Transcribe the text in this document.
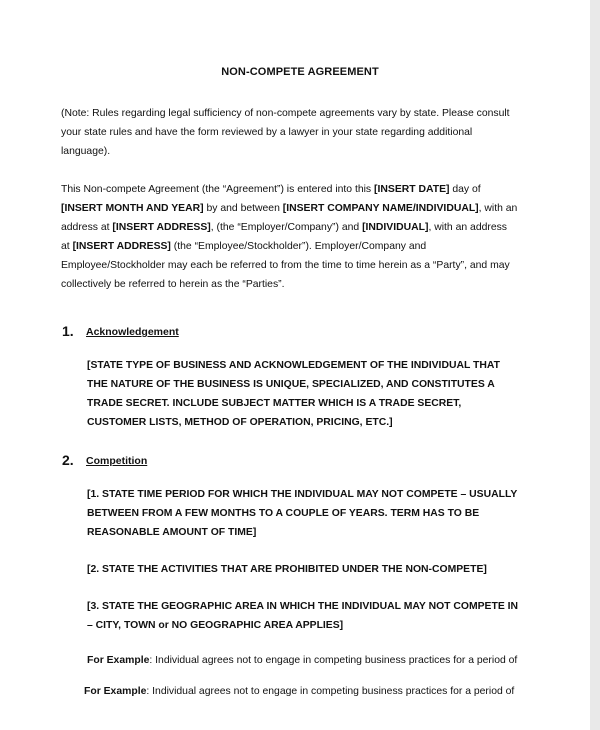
NON-COMPETE AGREEMENT
(Note: Rules regarding legal sufficiency of non-compete agreements vary by state. Please consult
your state rules and have the form reviewed by a lawyer in your state regarding additional
language).
This Non-compete Agreement (the “Agreement”) is entered into this [INSERT DATE] day of
[INSERT MONTH AND YEAR] by and between [INSERT COMPANY NAME/INDIVIDUAL], with an
address at [INSERT ADDRESS], (the “Employer/Company”) and [INDIVIDUAL], with an address
at [INSERT ADDRESS] (the “Employee/Stockholder”). Employer/Company and
Employee/Stockholder may each be referred to from the time to time herein as a “Party”, and may
collectively be referred to herein as the “Parties”.
1. Acknowledgement
[STATE TYPE OF BUSINESS AND ACKNOWLEDGEMENT OF THE INDIVIDUAL THAT
THE NATURE OF THE BUSINESS IS UNIQUE, SPECIALIZED, AND CONSTITUTES A
TRADE SECRET. INCLUDE SUBJECT MATTER WHICH IS A TRADE SECRET,
CUSTOMER LISTS, METHOD OF OPERATION, PRICING, ETC.]
2. Competition
[1. STATE TIME PERIOD FOR WHICH THE INDIVIDUAL MAY NOT COMPETE – USUALLY
BETWEEN FROM A FEW MONTHS TO A COUPLE OF YEARS. TERM HAS TO BE
REASONABLE AMOUNT OF TIME]
[2. STATE THE ACTIVITIES THAT ARE PROHIBITED UNDER THE NON-COMPETE]
[3. STATE THE GEOGRAPHIC AREA IN WHICH THE INDIVIDUAL MAY NOT COMPETE IN
– CITY, TOWN or NO GEOGRAPHIC AREA APPLIES]
For Example: Individual agrees not to engage in competing business practices for a period of
For Example: Individual agrees not to engage in competing business practices for a period of
